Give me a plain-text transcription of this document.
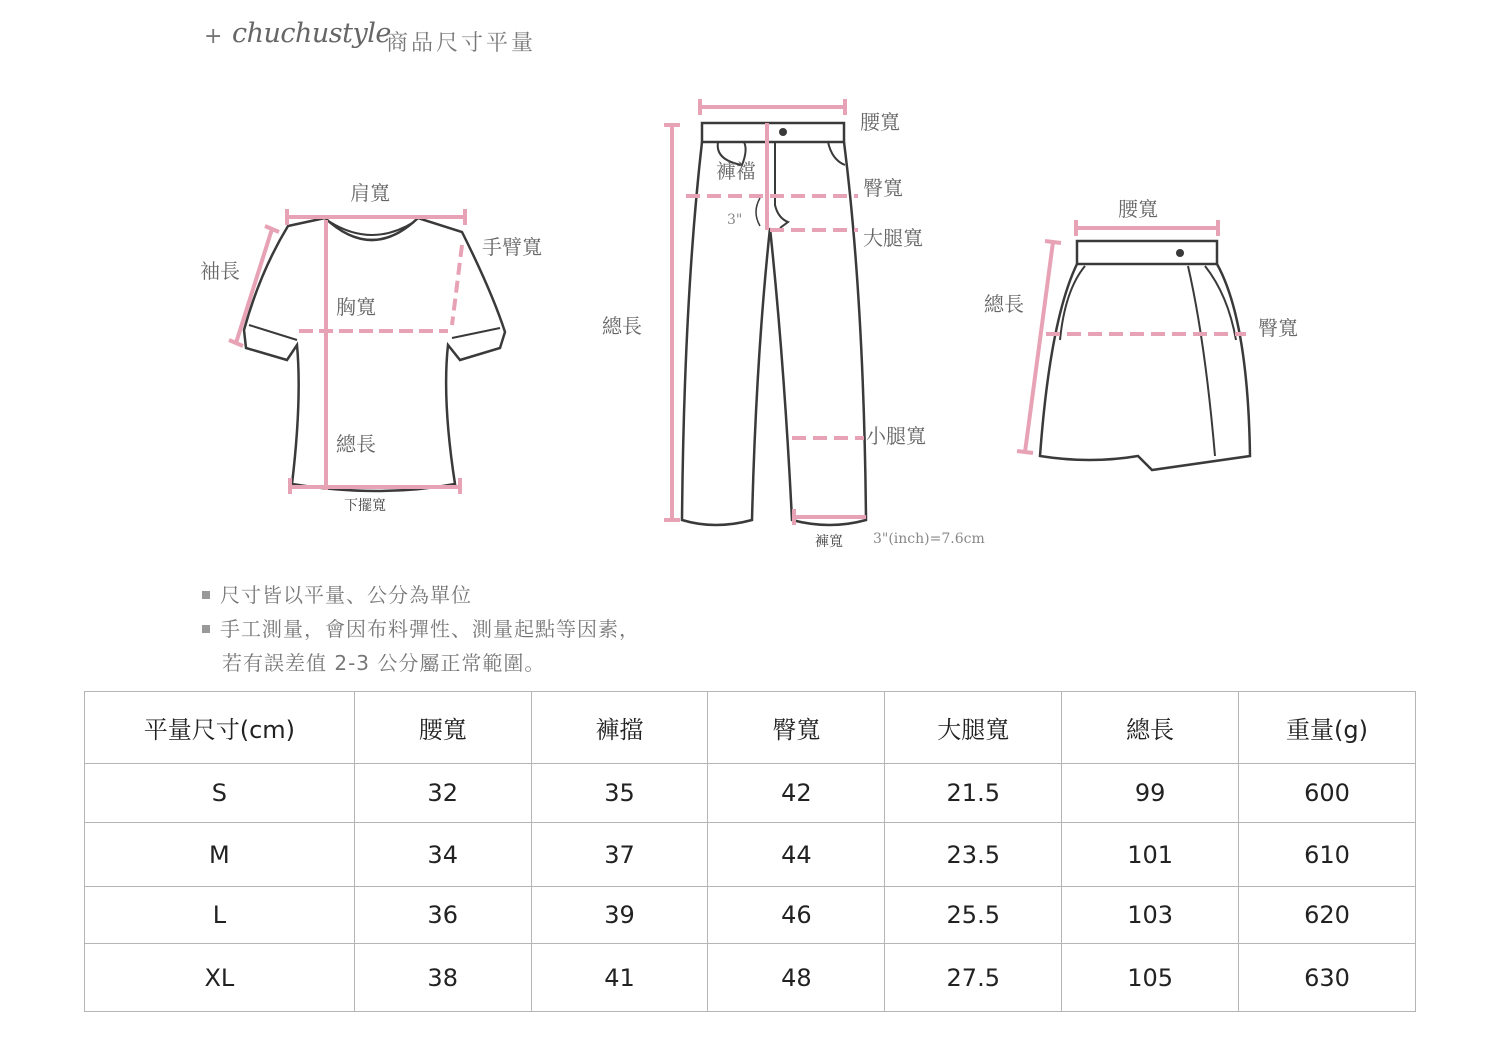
+ chuchustyle
商品尺寸平量
肩寬
袖長
手臂寬
胸寬
總長
下擺寬
腰寬
褲襠
3"
臀寬
大腿寬
總長
小腿寬
褲寬 3"(inch)=7.6cm
腰寬
總長
臀寬
尺寸皆以平量、公分為單位
手工測量，會因布料彈性、測量起點等因素，
若有誤差值 2-3 公分屬正常範圍。
平量尺寸(cm)	腰寬	褲擋	臀寬	大腿寬	總長	重量(g)
S	32	35	42	21.5	99	600
M	34	37	44	23.5	101	610
L	36	39	46	25.5	103	620
XL	38	41	48	27.5	105	630
